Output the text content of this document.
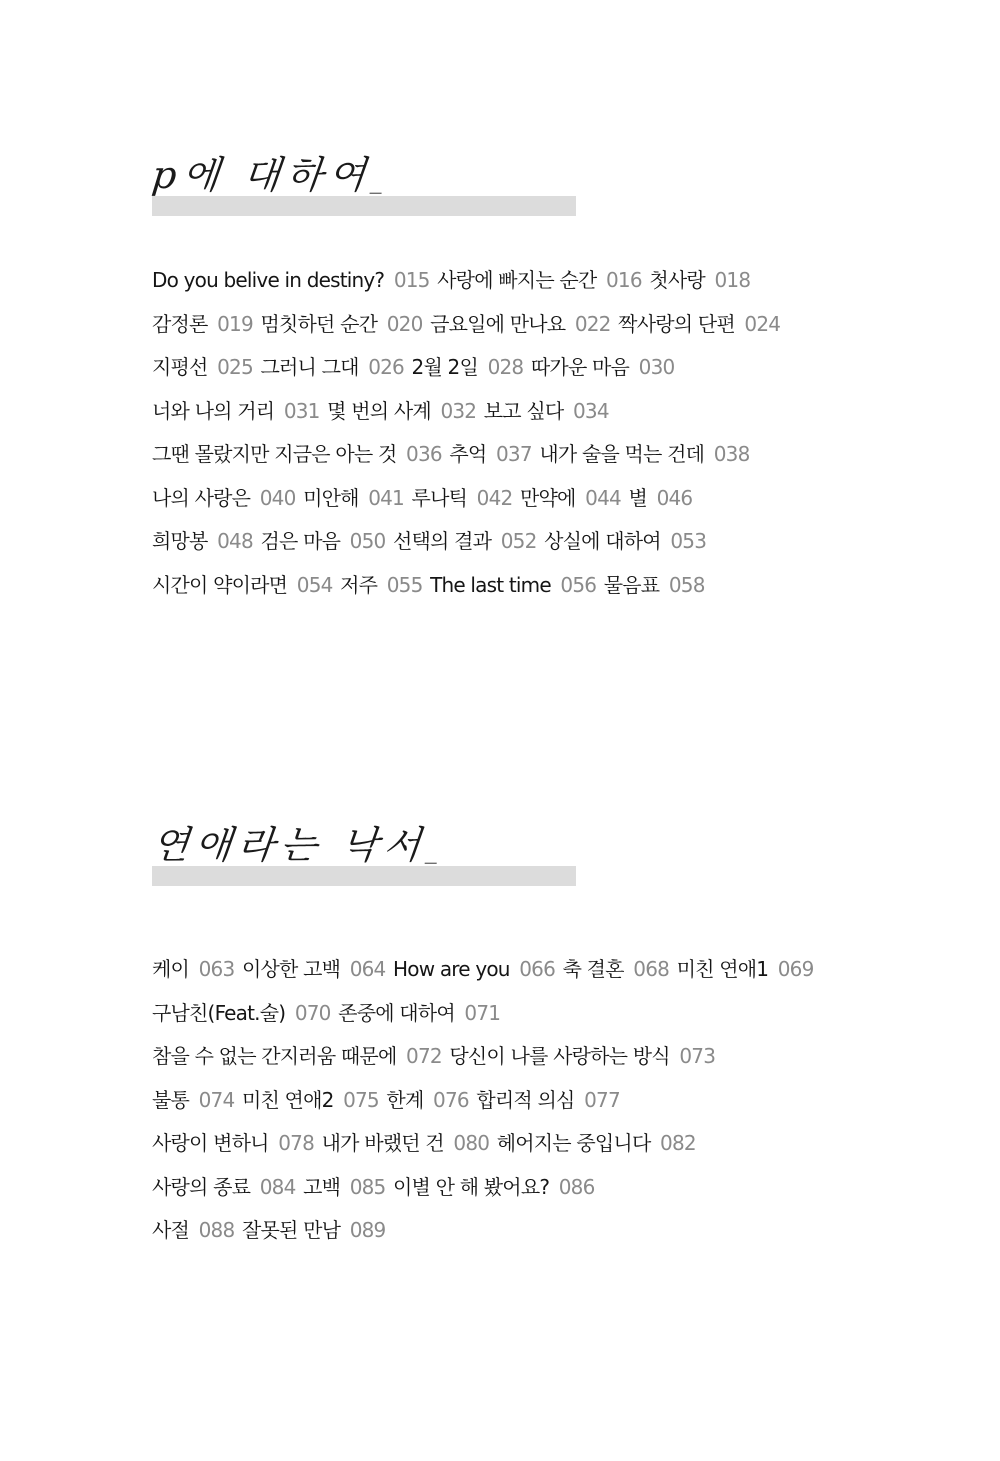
p에 대하여_
Do you belive in destiny? 015 사랑에 빠지는 순간 016 첫사랑 018
감정론 019 멈칫하던 순간 020 금요일에 만나요 022 짝사랑의 단편 024
지평선 025 그러니 그대 026 2월 2일 028 따가운 마음 030
너와 나의 거리 031 몇 번의 사계 032 보고 싶다 034
그땐 몰랐지만 지금은 아는 것 036 추억 037 내가 술을 먹는 건데 038
나의 사랑은 040 미안해 041 루나틱 042 만약에 044 별 046
희망봉 048 검은 마음 050 선택의 결과 052 상실에 대하여 053
시간이 약이라면 054 저주 055 The last time 056 물음표 058
연애라는 낙서_
케이 063 이상한 고백 064 How are you 066 축 결혼 068 미친 연애1 069
구남친(Feat.술) 070 존중에 대하여 071
참을 수 없는 간지러움 때문에 072 당신이 나를 사랑하는 방식 073
불통 074 미친 연애2 075 한계 076 합리적 의심 077
사랑이 변하니 078 내가 바랬던 건 080 헤어지는 중입니다 082
사랑의 종료 084 고백 085 이별 안 해 봤어요? 086
사절 088 잘못된 만남 089
